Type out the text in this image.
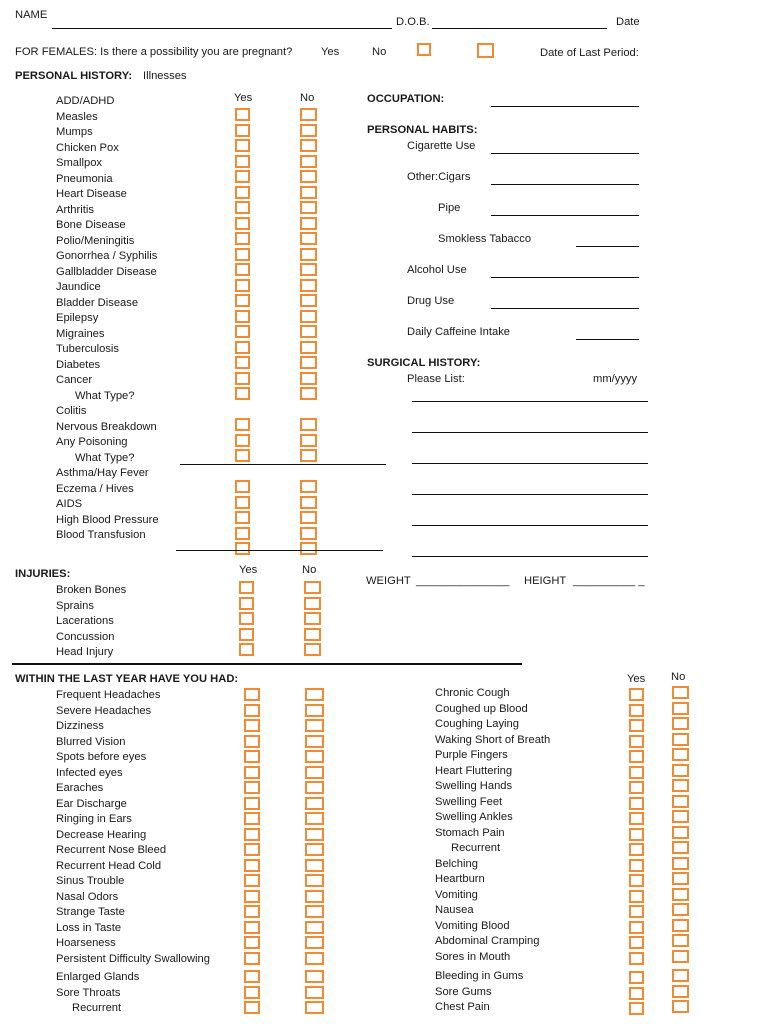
NAME
D.O.B.	Date
FOR FEMALES: Is there a possibility you are pregnant?	Yes	No	Date of Last Period:
PERSONAL HISTORY: Illnesses
Yes	No
ADD/ADHD
Measles
Mumps
Chicken Pox
Smallpox
Pneumonia
Heart Disease
Arthritis
Bone Disease
Polio/Meningitis
Gonorrhea / Syphilis
Gallbladder Disease
Jaundice
Bladder Disease
Epilepsy
Migraines
Tuberculosis
Diabetes
Cancer
What Type?
Colitis
Nervous Breakdown
Any Poisoning
What Type?
Asthma/Hay Fever
Eczema / Hives
AIDS
High Blood Pressure
Blood Transfusion
OCCUPATION:
PERSONAL HABITS:
Cigarette Use
Other:Cigars
Pipe
Smokless Tabacco
Alcohol Use
Drug Use
Daily Caffeine Intake
SURGICAL HISTORY:
Please List:	mm/yyyy
WEIGHT _______________ HEIGHT __________ _
INJURIES:	Yes	No
Broken Bones
Sprains
Lacerations
Concussion
Head Injury
WITHIN THE LAST YEAR HAVE YOU HAD:	Yes No
Frequent Headaches
Severe Headaches
Dizziness
Blurred Vision
Spots before eyes
Infected eyes
Earaches
Ear Discharge
Ringing in Ears
Decrease Hearing
Recurrent Nose Bleed
Recurrent Head Cold
Sinus Trouble
Nasal Odors
Strange Taste
Loss in Taste
Hoarseness
Persistent Difficulty Swallowing
Enlarged Glands
Sore Throats
Recurrent
Chronic Cough
Coughed up Blood
Coughing Laying
Waking Short of Breath
Purple Fingers
Heart Fluttering
Swelling Hands
Swelling Feet
Swelling Ankles
Stomach Pain
Recurrent
Belching
Heartburn
Vomiting
Nausea
Vomiting Blood
Abdominal Cramping
Sores in Mouth
Bleeding in Gums
Sore Gums
Chest Pain
